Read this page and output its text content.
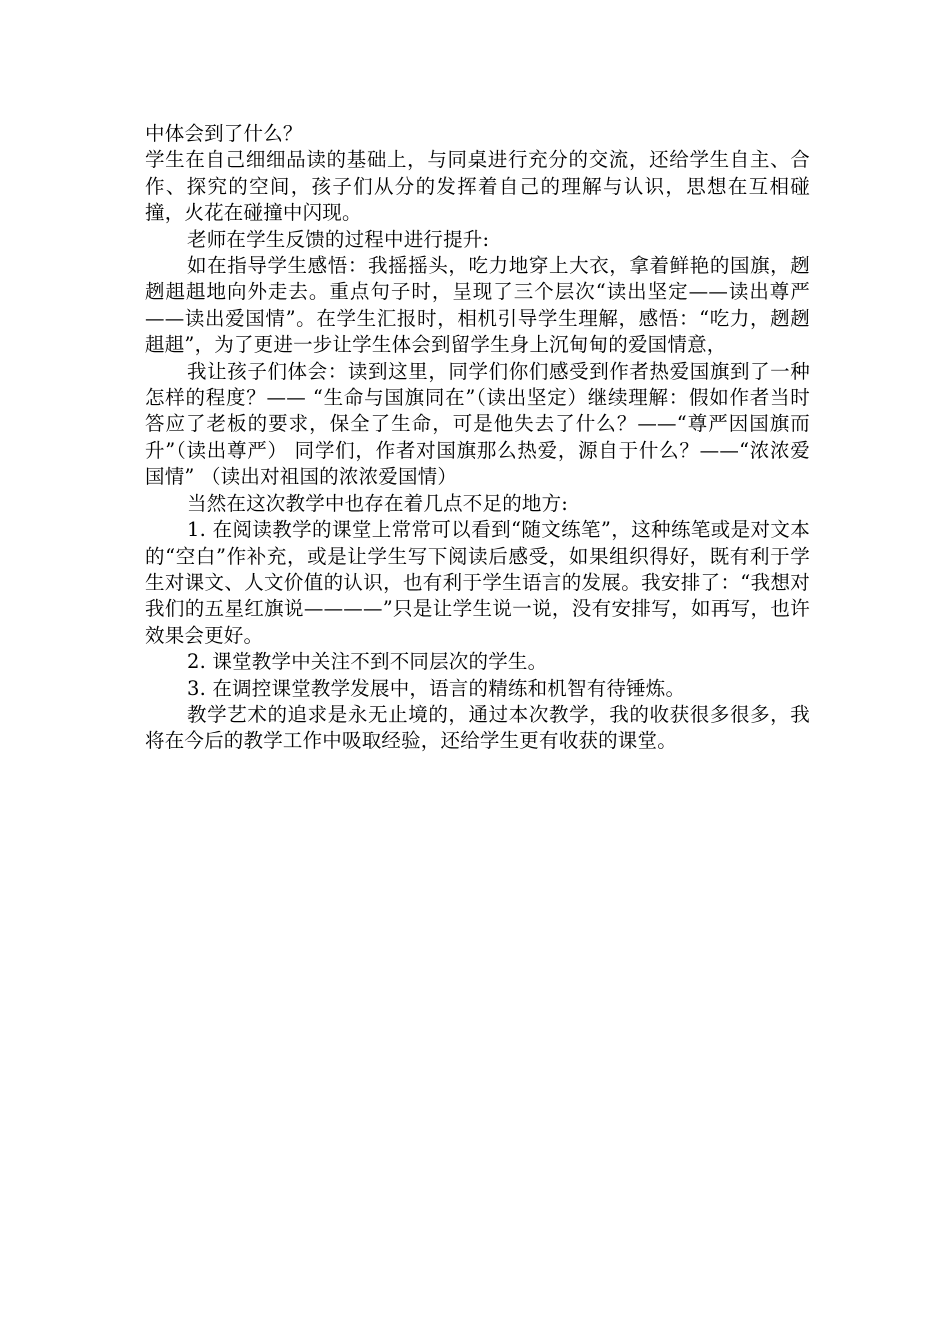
中体会到了什么？

学生在自己细细品读的基础上，与同桌进行充分的交流，还给学生自主、合作、探究的空间，孩子们从分的发挥着自己的理解与认识，思想在互相碰撞，火花在碰撞中闪现。

老师在学生反馈的过程中进行提升:

如在指导学生感悟：我摇摇头，吃力地穿上大衣，拿着鲜艳的国旗，趔趔趄趄地向外走去。重点句子时，呈现了三个层次“读出坚定——读出尊严——读出爱国情”。在学生汇报时，相机引导学生理解，感悟：“吃力，趔趔趄趄”，为了更进一步让学生体会到留学生身上沉甸甸的爱国情意，

我让孩子们体会：读到这里，同学们你们感受到作者热爱国旗到了一种怎样的程度？—— “生命与国旗同在”（读出坚定）继续理解：假如作者当时答应了老板的要求，保全了生命，可是他失去了什么？——“尊严因国旗而升”（读出尊严） 同学们，作者对国旗那么热爱，源自于什么？——“浓浓爱国情” （读出对祖国的浓浓爱国情）

当然在这次教学中也存在着几点不足的地方:

1. 在阅读教学的课堂上常常可以看到“随文练笔”，这种练笔或是对文本的“空白”作补充，或是让学生写下阅读后感受，如果组织得好，既有利于学生对课文、人文价值的认识，也有利于学生语言的发展。我安排了：“我想对我们的五星红旗说————”只是让学生说一说，没有安排写，如再写，也许效果会更好。

2. 课堂教学中关注不到不同层次的学生。

3. 在调控课堂教学发展中，语言的精练和机智有待锤炼。

教学艺术的追求是永无止境的，通过本次教学，我的收获很多很多，我将在今后的教学工作中吸取经验，还给学生更有收获的课堂。
